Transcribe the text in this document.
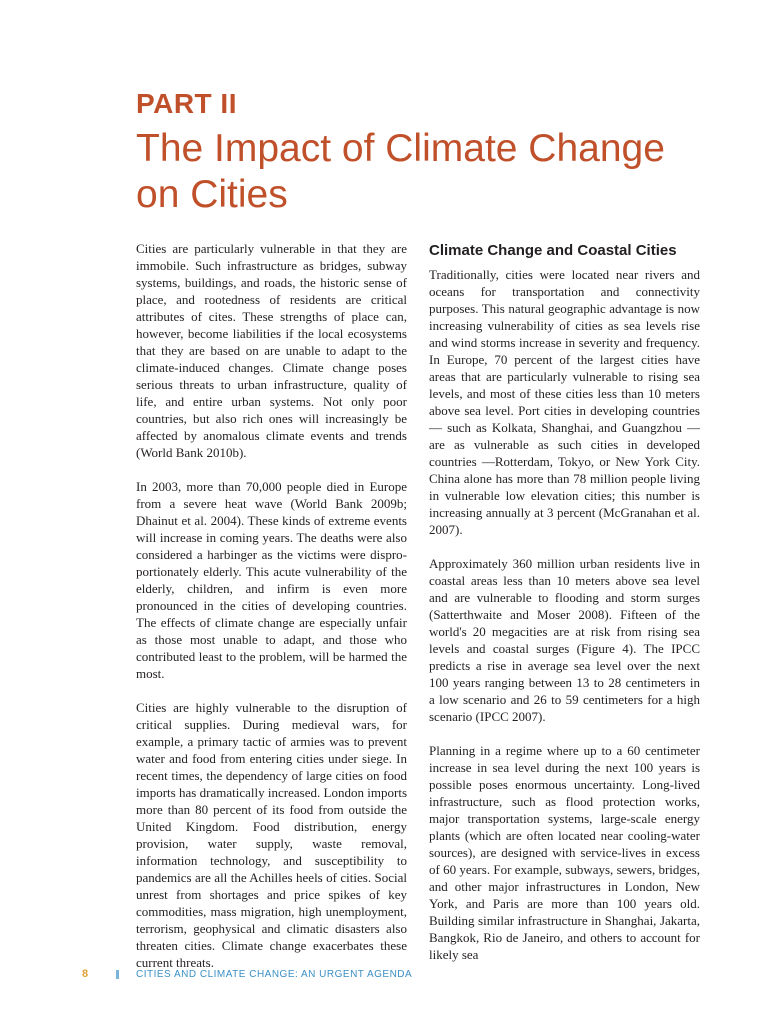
PART II
The Impact of Climate Change on Cities

Cities are particularly vulnerable in that they are immobile. Such infrastructure as bridges, subway systems, buildings, and roads, the historic sense of place, and rootedness of residents are critical attributes of cites. These strengths of place can, however, become liabilities if the local ecosystems that they are based on are unable to adapt to the climate-induced changes. Climate change poses serious threats to urban infrastructure, quality of life, and entire urban systems. Not only poor countries, but also rich ones will increasingly be affected by anomalous climate events and trends (World Bank 2010b).

In 2003, more than 70,000 people died in Europe from a severe heat wave (World Bank 2009b; Dhainut et al. 2004). These kinds of extreme events will increase in coming years. The deaths were also considered a harbinger as the victims were dispro-portionately elderly. This acute vulnerability of the elderly, children, and infirm is even more pronounced in the cities of developing countries. The effects of climate change are especially unfair as those most unable to adapt, and those who contributed least to the problem, will be harmed the most.

Cities are highly vulnerable to the disruption of critical supplies. During medieval wars, for example, a primary tactic of armies was to prevent water and food from entering cities under siege. In recent times, the dependency of large cities on food imports has dramatically increased. London imports more than 80 percent of its food from outside the United Kingdom. Food distribution, energy provision, water supply, waste removal, information technology, and susceptibility to pandemics are all the Achilles heels of cities. Social unrest from shortages and price spikes of key commodities, mass migration, high unemployment, terrorism, geophysical and climatic disasters also threaten cities. Climate change exacerbates these current threats.

Climate Change and Coastal Cities

Traditionally, cities were located near rivers and oceans for transportation and connectivity purposes. This natural geographic advantage is now increasing vulnerability of cities as sea levels rise and wind storms increase in severity and frequency. In Europe, 70 percent of the largest cities have areas that are particularly vulnerable to rising sea levels, and most of these cities less than 10 meters above sea level. Port cities in developing countries — such as Kolkata, Shanghai, and Guangzhou — are as vulnerable as such cities in developed countries —Rotterdam, Tokyo, or New York City. China alone has more than 78 million people living in vulnerable low elevation cities; this number is increasing annually at 3 percent (McGranahan et al. 2007).

Approximately 360 million urban residents live in coastal areas less than 10 meters above sea level and are vulnerable to flooding and storm surges (Satterthwaite and Moser 2008). Fifteen of the world's 20 megacities are at risk from rising sea levels and coastal surges (Figure 4). The IPCC predicts a rise in average sea level over the next 100 years ranging between 13 to 28 centimeters in a low scenario and 26 to 59 centimeters for a high scenario (IPCC 2007).

Planning in a regime where up to a 60 centimeter increase in sea level during the next 100 years is possible poses enormous uncertainty. Long-lived infrastructure, such as flood protection works, major transportation systems, large-scale energy plants (which are often located near cooling-water sources), are designed with service-lives in excess of 60 years. For example, subways, sewers, bridges, and other major infrastructures in London, New York, and Paris are more than 100 years old. Building similar infrastructure in Shanghai, Jakarta, Bangkok, Rio de Janeiro, and others to account for likely sea

8	CITIES AND CLIMATE CHANGE: AN URGENT AGENDA
